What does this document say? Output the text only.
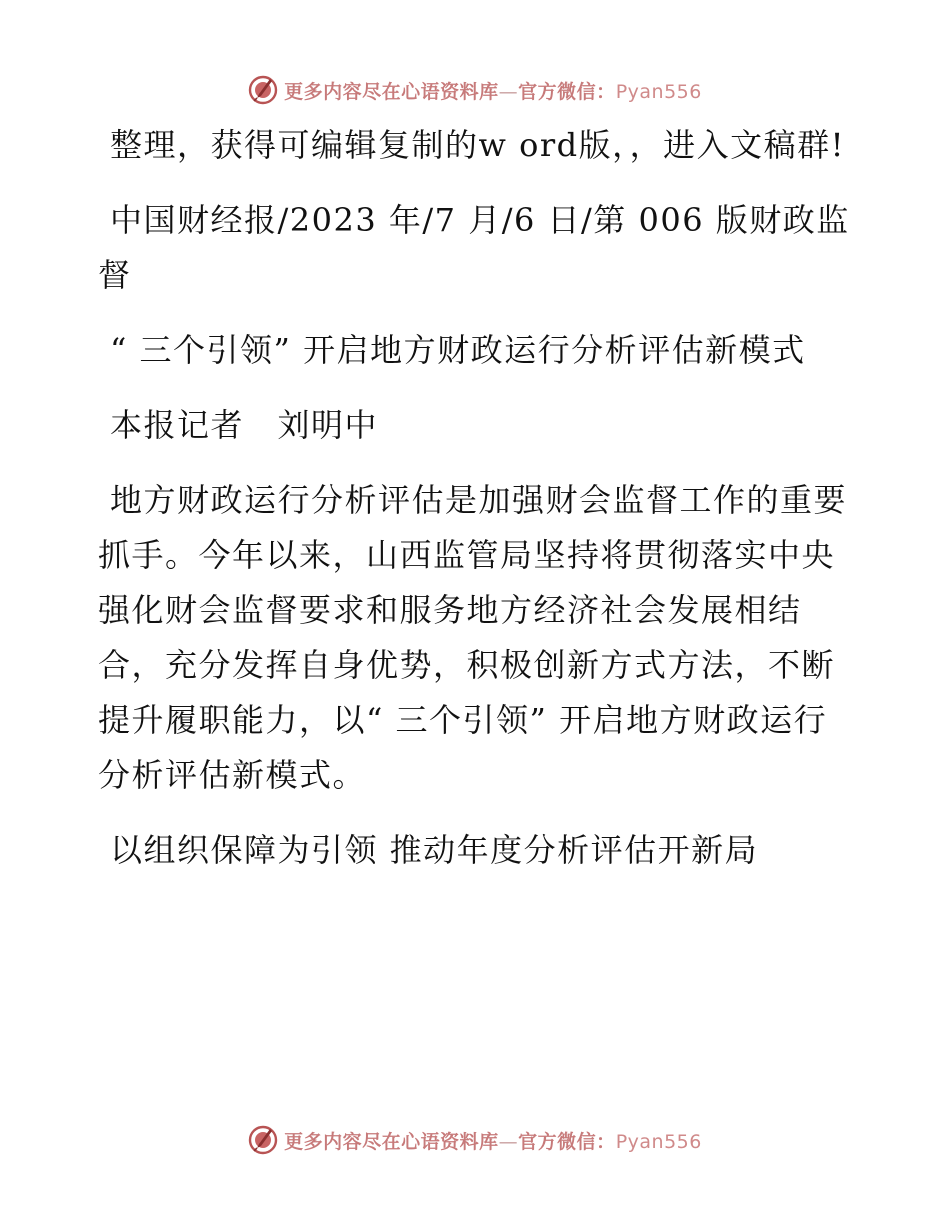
更多内容尽在心语资料库—官方微信：Pyan556

整理，获得可编辑复制的w ord版，，进入文稿群!

中国财经报/2023 年/7 月/6 日/第 006 版财政监督

“ 三个引领” 开启地方财政运行分析评估新模式

本报记者　刘明中

地方财政运行分析评估是加强财会监督工作的重要抓手。今年以来，山西监管局坚持将贯彻落实中央强化财会监督要求和服务地方经济社会发展相结合，充分发挥自身优势，积极创新方式方法，不断提升履职能力，以“ 三个引领” 开启地方财政运行分析评估新模式。

以组织保障为引领 推动年度分析评估开新局

更多内容尽在心语资料库—官方微信：Pyan556
